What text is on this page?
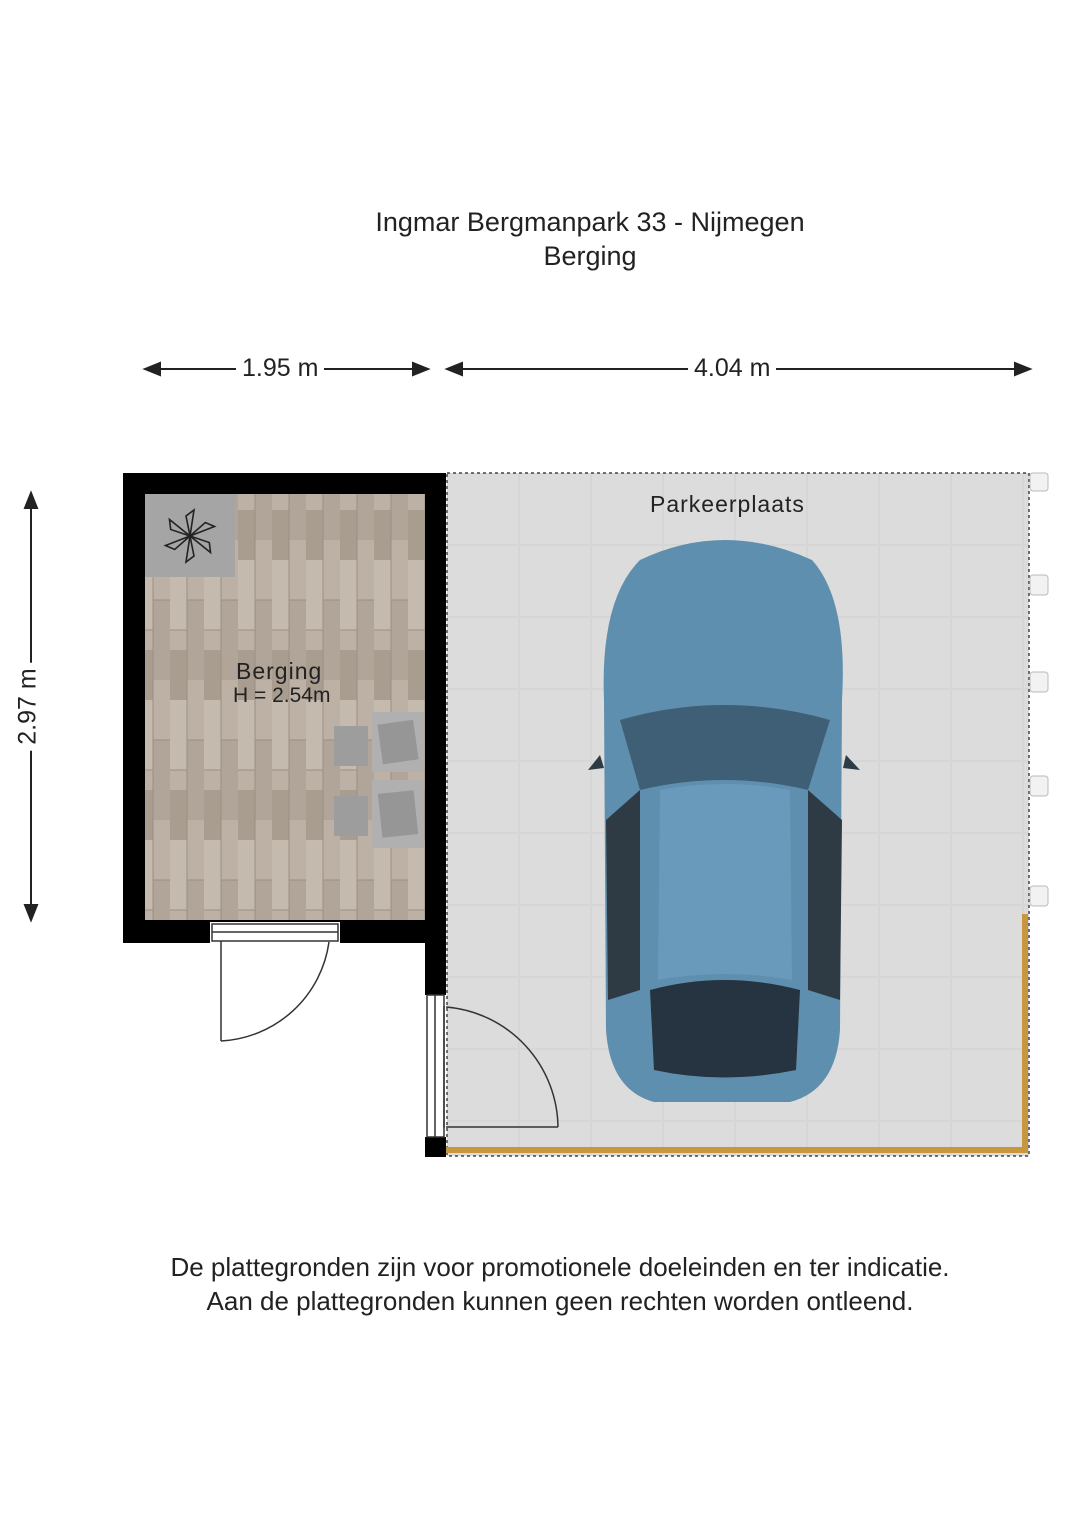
Ingmar Bergmanpark 33 - Nijmegen
Berging
1.95 m	4.04 m
2.97 m	Berging
H = 2.54m
Parkeerplaats
De plattegronden zijn voor promotionele doeleinden en ter indicatie.
Aan de plattegronden kunnen geen rechten worden ontleend.
